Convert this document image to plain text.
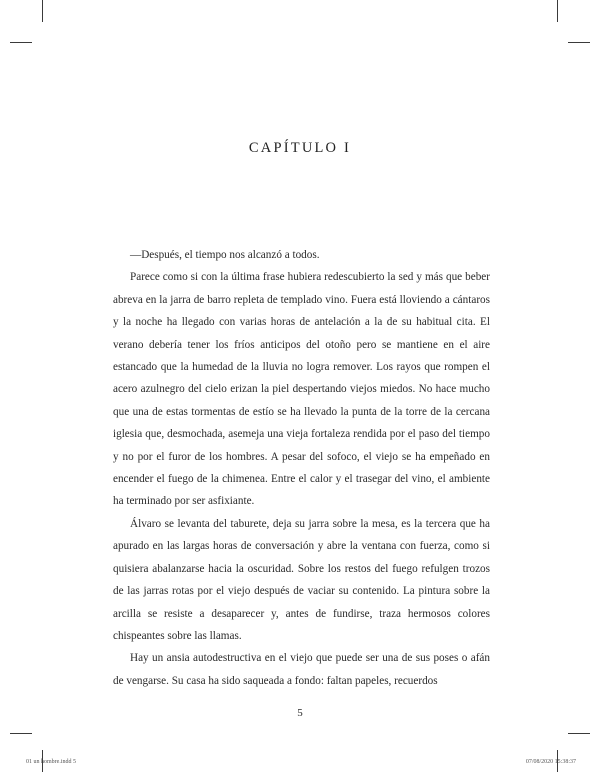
CAPÍTULO I

—Después, el tiempo nos alcanzó a todos.

Parece como si con la última frase hubiera redescubierto la sed y más que beber abreva en la jarra de barro repleta de templado vino. Fuera está lloviendo a cántaros y la noche ha llegado con varias horas de antelación a la de su habitual cita. El verano debería tener los fríos anticipos del otoño pero se mantiene en el aire estancado que la humedad de la lluvia no logra remover. Los rayos que rompen el acero azulnegro del cielo erizan la piel despertando viejos miedos. No hace mucho que una de estas tormentas de estío se ha llevado la punta de la torre de la cercana iglesia que, desmochada, asemeja una vieja fortaleza rendida por el paso del tiempo y no por el furor de los hombres. A pesar del sofoco, el viejo se ha empeñado en encender el fuego de la chimenea. Entre el calor y el trasegar del vino, el ambiente ha terminado por ser asfixiante.

Álvaro se levanta del taburete, deja su jarra sobre la mesa, es la tercera que ha apurado en las largas horas de conversación y abre la ventana con fuerza, como si quisiera abalanzarse hacia la oscuridad. Sobre los restos del fuego refulgen trozos de las jarras rotas por el viejo después de vaciar su contenido. La pintura sobre la arcilla se resiste a desaparecer y, antes de fundirse, traza hermosos colores chispeantes sobre las llamas.

Hay un ansia autodestructiva en el viejo que puede ser una de sus poses o afán de vengarse. Su casa ha sido saqueada a fondo: faltan papeles, recuerdos

5
01 un hombre.indd 5	07/08/2020 15:38:37
